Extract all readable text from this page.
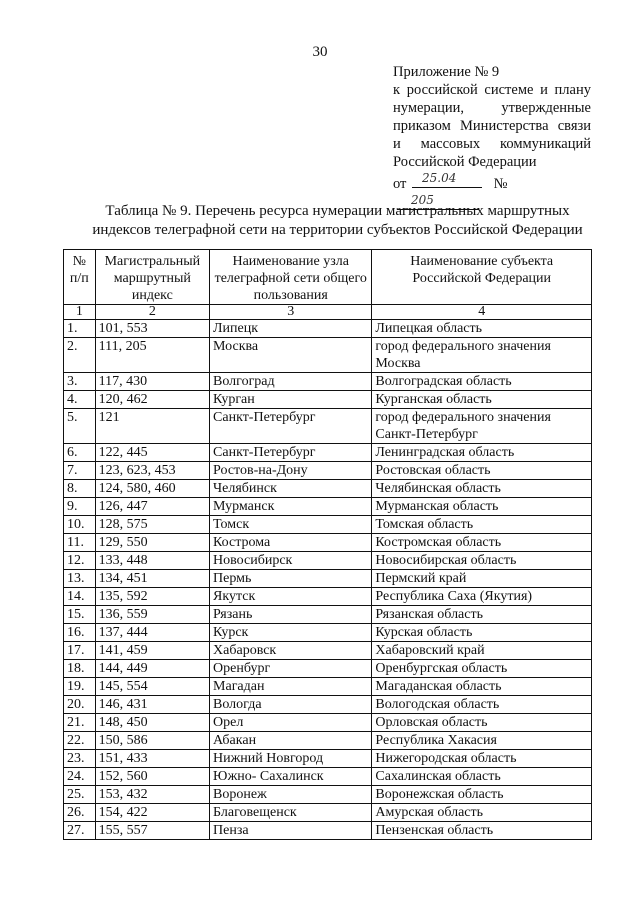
30
Приложение № 9
к российской системе и плану
нумерации, утвержденные
приказом Министерства связи
и массовых коммуникаций
Российской Федерации
от 25.04	№
205
Таблица № 9. Перечень ресурса нумерации магистральных маршрутных
индексов телеграфной сети на территории субъектов Российской Федерации
№ п/п	Магистральный маршрутный индекс	Наименование узла телеграфной сети общего пользования	Наименование субъекта Российской Федерации
1	2	3	4
1.	101, 553	Липецк	Липецкая область
2.	111, 205	Москва	город федерального значения Москва
3.	117, 430	Волгоград	Волгоградская область
4.	120, 462	Курган	Курганская область
5.	121	Санкт-Петербург	город федерального значения Санкт-Петербург
6.	122, 445	Санкт-Петербург	Ленинградская область
7.	123, 623, 453	Ростов-на-Дону	Ростовская область
8.	124, 580, 460	Челябинск	Челябинская область
9.	126, 447	Мурманск	Мурманская область
10.	128, 575	Томск	Томская область
11.	129, 550	Кострома	Костромская область
12.	133, 448	Новосибирск	Новосибирская область
13.	134, 451	Пермь	Пермский край
14.	135, 592	Якутск	Республика Саха (Якутия)
15.	136, 559	Рязань	Рязанская область
16.	137, 444	Курск	Курская область
17.	141, 459	Хабаровск	Хабаровский край
18.	144, 449	Оренбург	Оренбургская область
19.	145, 554	Магадан	Магаданская область
20.	146, 431	Вологда	Вологодская область
21.	148, 450	Орел	Орловская область
22.	150, 586	Абакан	Республика Хакасия
23.	151, 433	Нижний Новгород	Нижегородская область
24.	152, 560	Южно- Сахалинск	Сахалинская область
25.	153, 432	Воронеж	Воронежская область
26.	154, 422	Благовещенск	Амурская область
27.	155, 557	Пенза	Пензенская область
